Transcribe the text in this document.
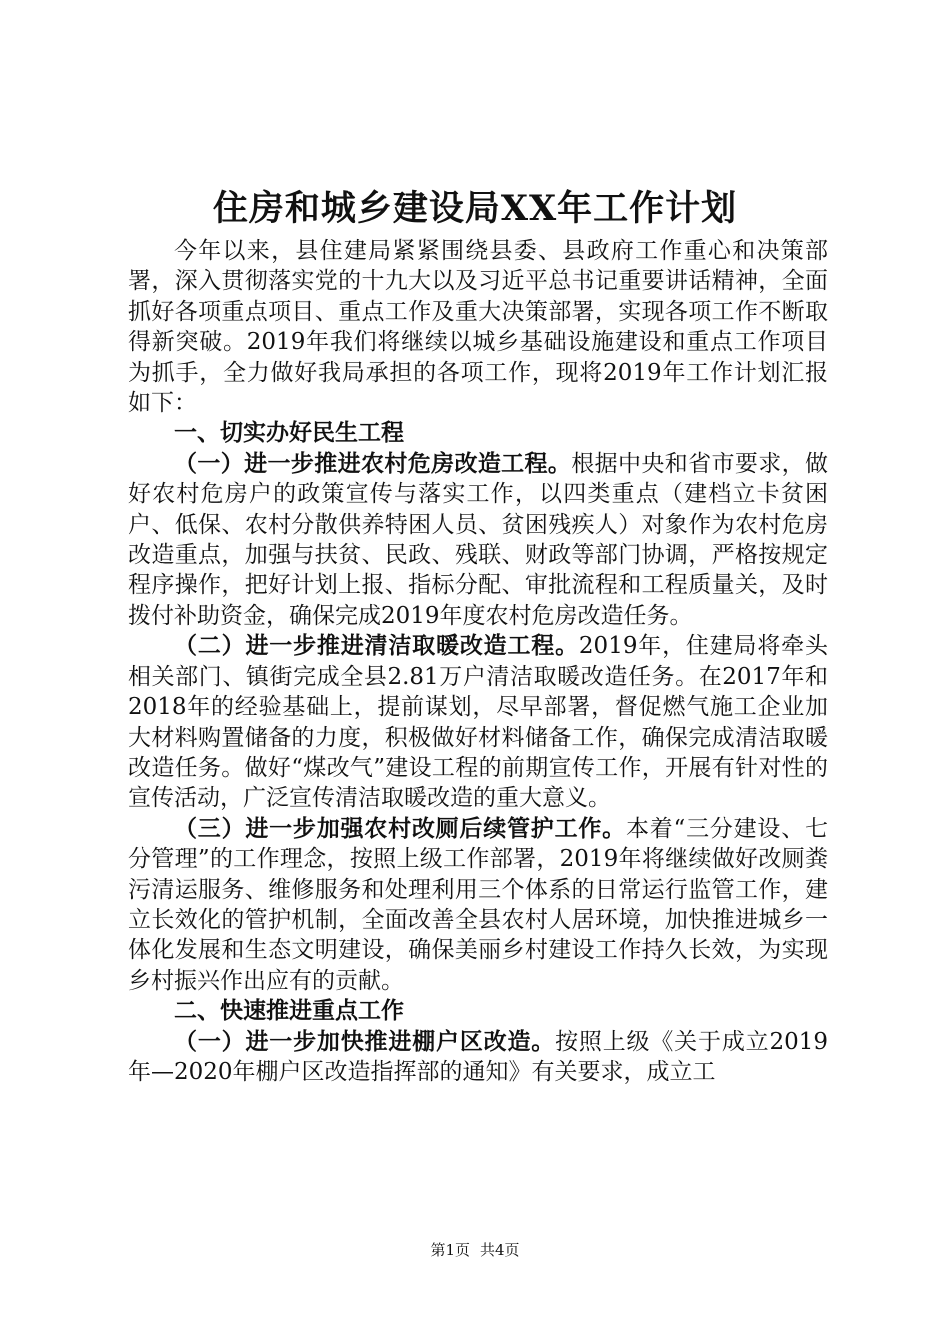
住房和城乡建设局XX年工作计划

今年以来，县住建局紧紧围绕县委、县政府工作重心和决策部署，深入贯彻落实党的十九大以及习近平总书记重要讲话精神，全面抓好各项重点项目、重点工作及重大决策部署，实现各项工作不断取得新突破。2019年我们将继续以城乡基础设施建设和重点工作项目为抓手，全力做好我局承担的各项工作，现将2019年工作计划汇报如下：

一、切实办好民生工程

（一）进一步推进农村危房改造工程。根据中央和省市要求，做好农村危房户的政策宣传与落实工作，以四类重点（建档立卡贫困户、低保、农村分散供养特困人员、贫困残疾人）对象作为农村危房改造重点，加强与扶贫、民政、残联、财政等部门协调，严格按规定程序操作，把好计划上报、指标分配、审批流程和工程质量关，及时拨付补助资金，确保完成2019年度农村危房改造任务。

（二）进一步推进清洁取暖改造工程。2019年，住建局将牵头相关部门、镇街完成全县2.81万户清洁取暖改造任务。在2017年和2018年的经验基础上，提前谋划，尽早部署，督促燃气施工企业加大材料购置储备的力度，积极做好材料储备工作，确保完成清洁取暖改造任务。做好“煤改气”建设工程的前期宣传工作，开展有针对性的宣传活动，广泛宣传清洁取暖改造的重大意义。

（三）进一步加强农村改厕后续管护工作。本着“三分建设、七分管理”的工作理念，按照上级工作部署，2019年将继续做好改厕粪污清运服务、维修服务和处理利用三个体系的日常运行监管工作，建立长效化的管护机制，全面改善全县农村人居环境，加快推进城乡一体化发展和生态文明建设，确保美丽乡村建设工作持久长效，为实现乡村振兴作出应有的贡献。

二、快速推进重点工作

（一）进一步加快推进棚户区改造。按照上级《关于成立2019年—2020年棚户区改造指挥部的通知》有关要求，成立工

第1页 共4页
